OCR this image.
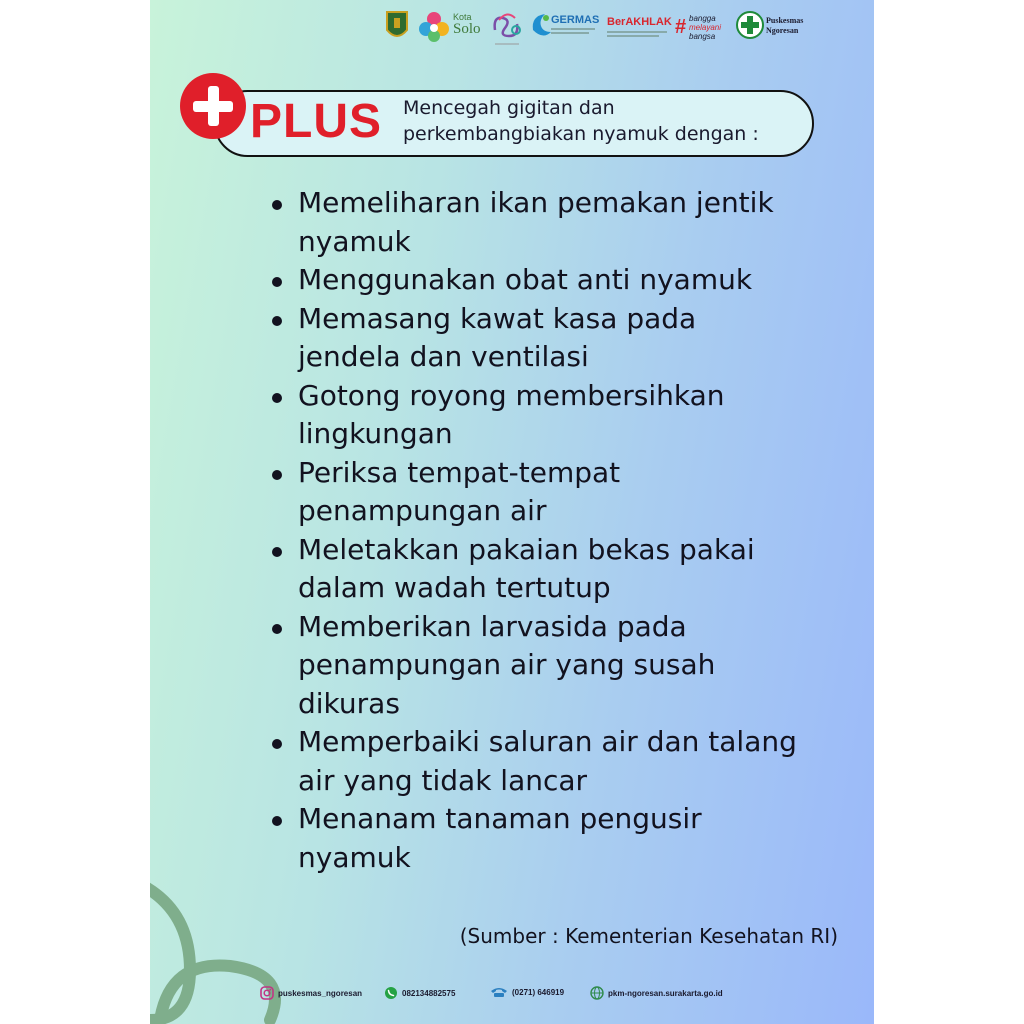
Kota
Solo
GERMAS BerAKHLAK # bangga
melayani
bangsa
Puskesmas
Ngoresan
PLUS Mencegah gigitan dan
perkembangbiakan nyamuk dengan :
Memeliharan ikan pemakan jentik
nyamuk
Menggunakan obat anti nyamuk
Memasang kawat kasa pada
jendela dan ventilasi
Gotong royong membersihkan
lingkungan
Periksa tempat-tempat
penampungan air
Meletakkan pakaian bekas pakai
dalam wadah tertutup
Memberikan larvasida pada
penampungan air yang susah
dikuras
Memperbaiki saluran air dan talang
air yang tidak lancar
Menanam tanaman pengusir
nyamuk
(Sumber : Kementerian Kesehatan RI)
puskesmas_ngoresan	082134882575	(0271) 646919	pkm-ngoresan.surakarta.go.id
